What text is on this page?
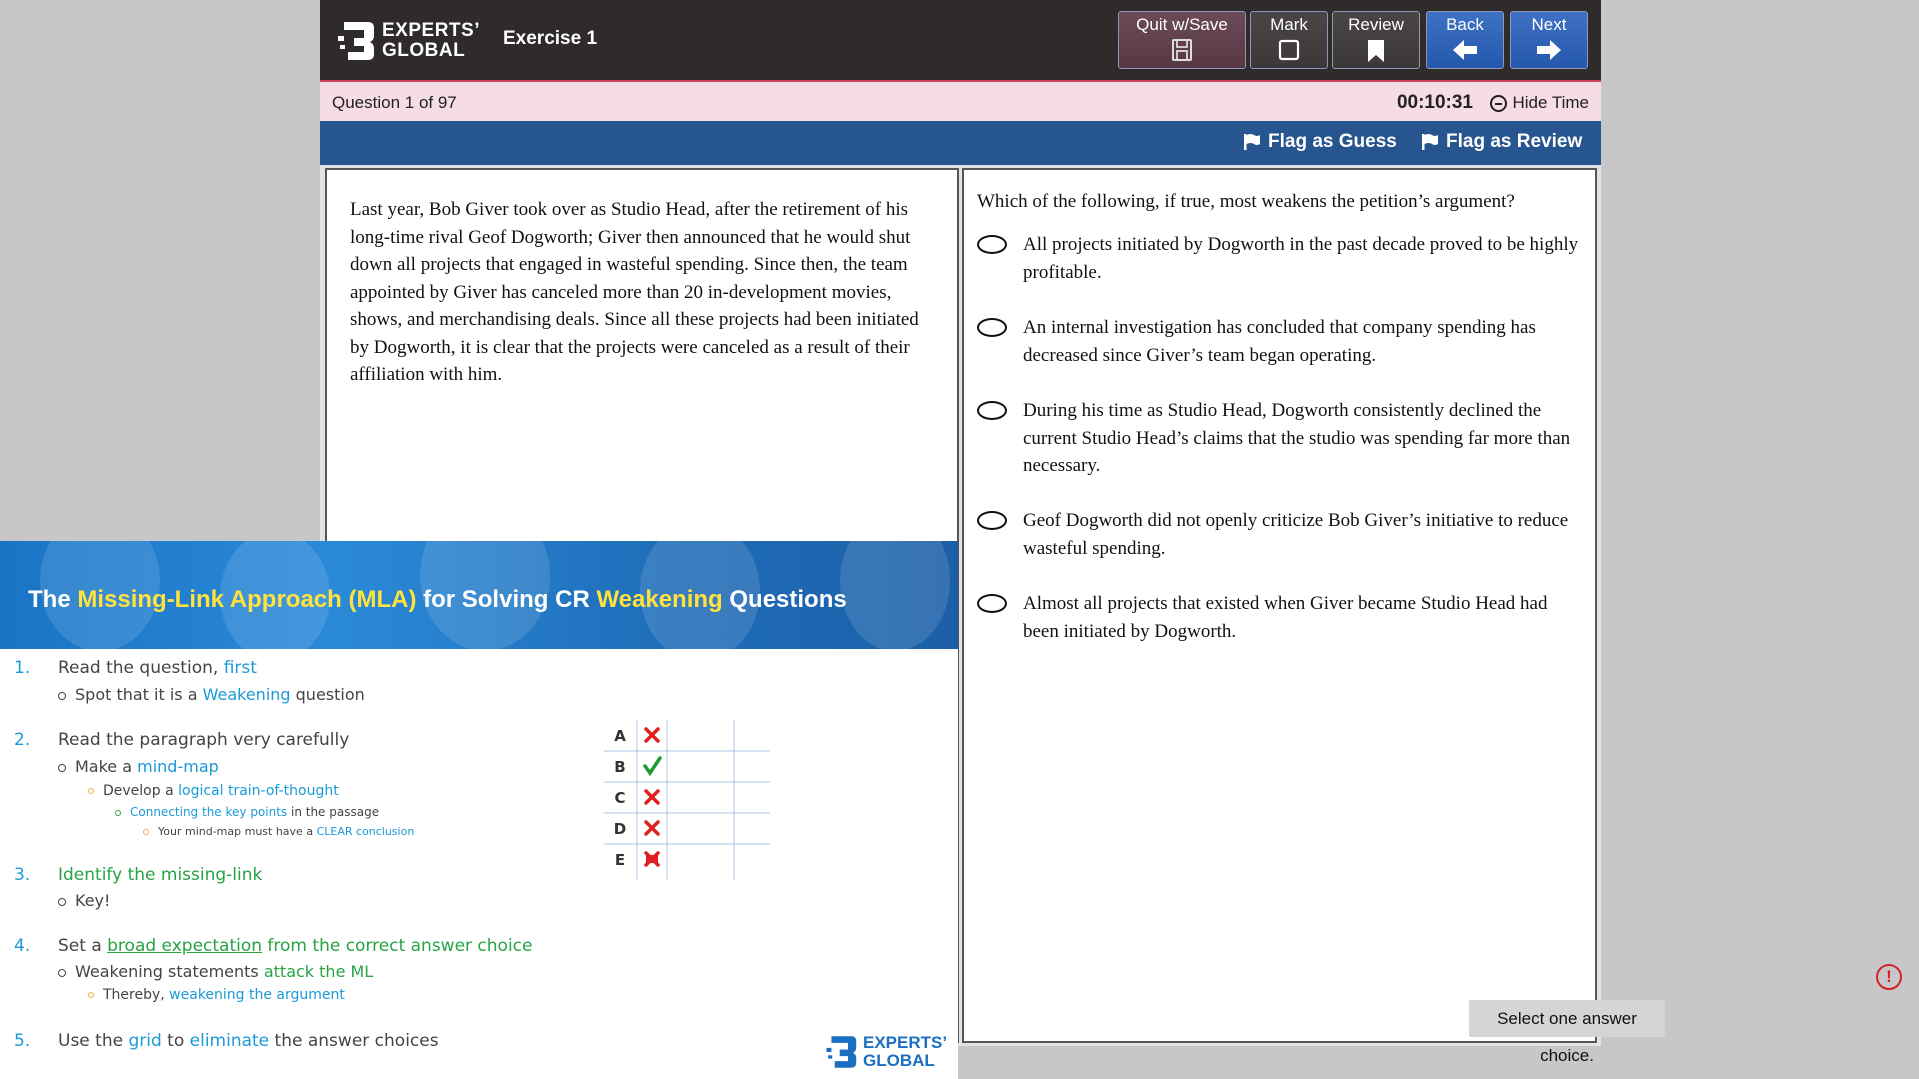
EXPERTS’
GLOBAL
Exercise 1
Quit w/Save	Mark	Review	Back	Next
Question 1 of 97	00:10:31 Hide Time
Flag as Guess	Flag as Review
Last year, Bob Giver took over as Studio Head, after the retirement of his long-time rival Geof Dogworth; Giver then announced that he would shut down all projects that engaged in wasteful spending. Since then, the team appointed by Giver has canceled more than 20 in-development movies, shows, and merchandising deals. Since all these projects had been initiated by Dogworth, it is clear that the projects were canceled as a result of their affiliation with him.
Which of the following, if true, most weakens the petition’s argument?
All projects initiated by Dogworth in the past decade proved to be highly profitable.
An internal investigation has concluded that company spending has decreased since Giver’s team began operating.
During his time as Studio Head, Dogworth consistently declined the current Studio Head’s claims that the studio was spending far more than necessary.
Geof Dogworth did not openly criticize Bob Giver’s initiative to reduce wasteful spending.
Almost all projects that existed when Giver became Studio Head had been initiated by Dogworth.
Select one answer choice.
The Missing-Link Approach (MLA) for Solving CR Weakening Questions
1. Read the question, first
Spot that it is a Weakening question
2. Read the paragraph very carefully
Make a mind-map
Develop a logical train-of-thought
Connecting the key points in the passage
Your mind-map must have a CLEAR conclusion
3. Identify the missing-link
Key!
4. Set a broad expectation from the correct answer choice
Weakening statements attack the ML
Thereby, weakening the argument
5. Use the grid to eliminate the answer choices
A
B
C
D
E
EXPERTS’
GLOBAL
!
